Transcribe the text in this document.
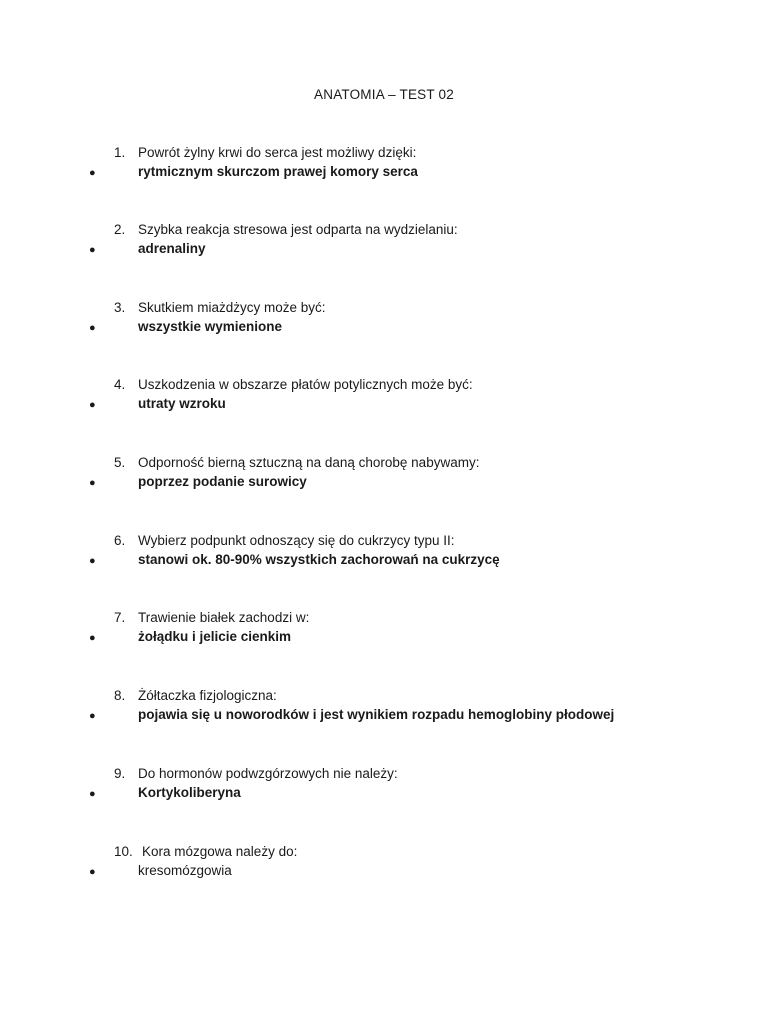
ANATOMIA – TEST 02
1. Powrót żylny krwi do serca jest możliwy dzięki:
●	rytmicznym skurczom prawej komory serca
2. Szybka reakcja stresowa jest odparta na wydzielaniu:
●	adrenaliny
3. Skutkiem miażdżycy może być:
●	wszystkie wymienione
4. Uszkodzenia w obszarze płatów potylicznych może być:
●	utraty wzroku
5. Odporność bierną sztuczną na daną chorobę nabywamy:
●	poprzez podanie surowicy
6. Wybierz podpunkt odnoszący się do cukrzycy typu II:
●	stanowi ok. 80-90% wszystkich zachorowań na cukrzycę
7. Trawienie białek zachodzi w:
●	żołądku i jelicie cienkim
8. Żółtaczka fizjologiczna:
●	pojawia się u noworodków i jest wynikiem rozpadu hemoglobiny płodowej
9. Do hormonów podwzgórzowych nie należy:
●	Kortykoliberyna
10. Kora mózgowa należy do:
●	kresomózgowia
